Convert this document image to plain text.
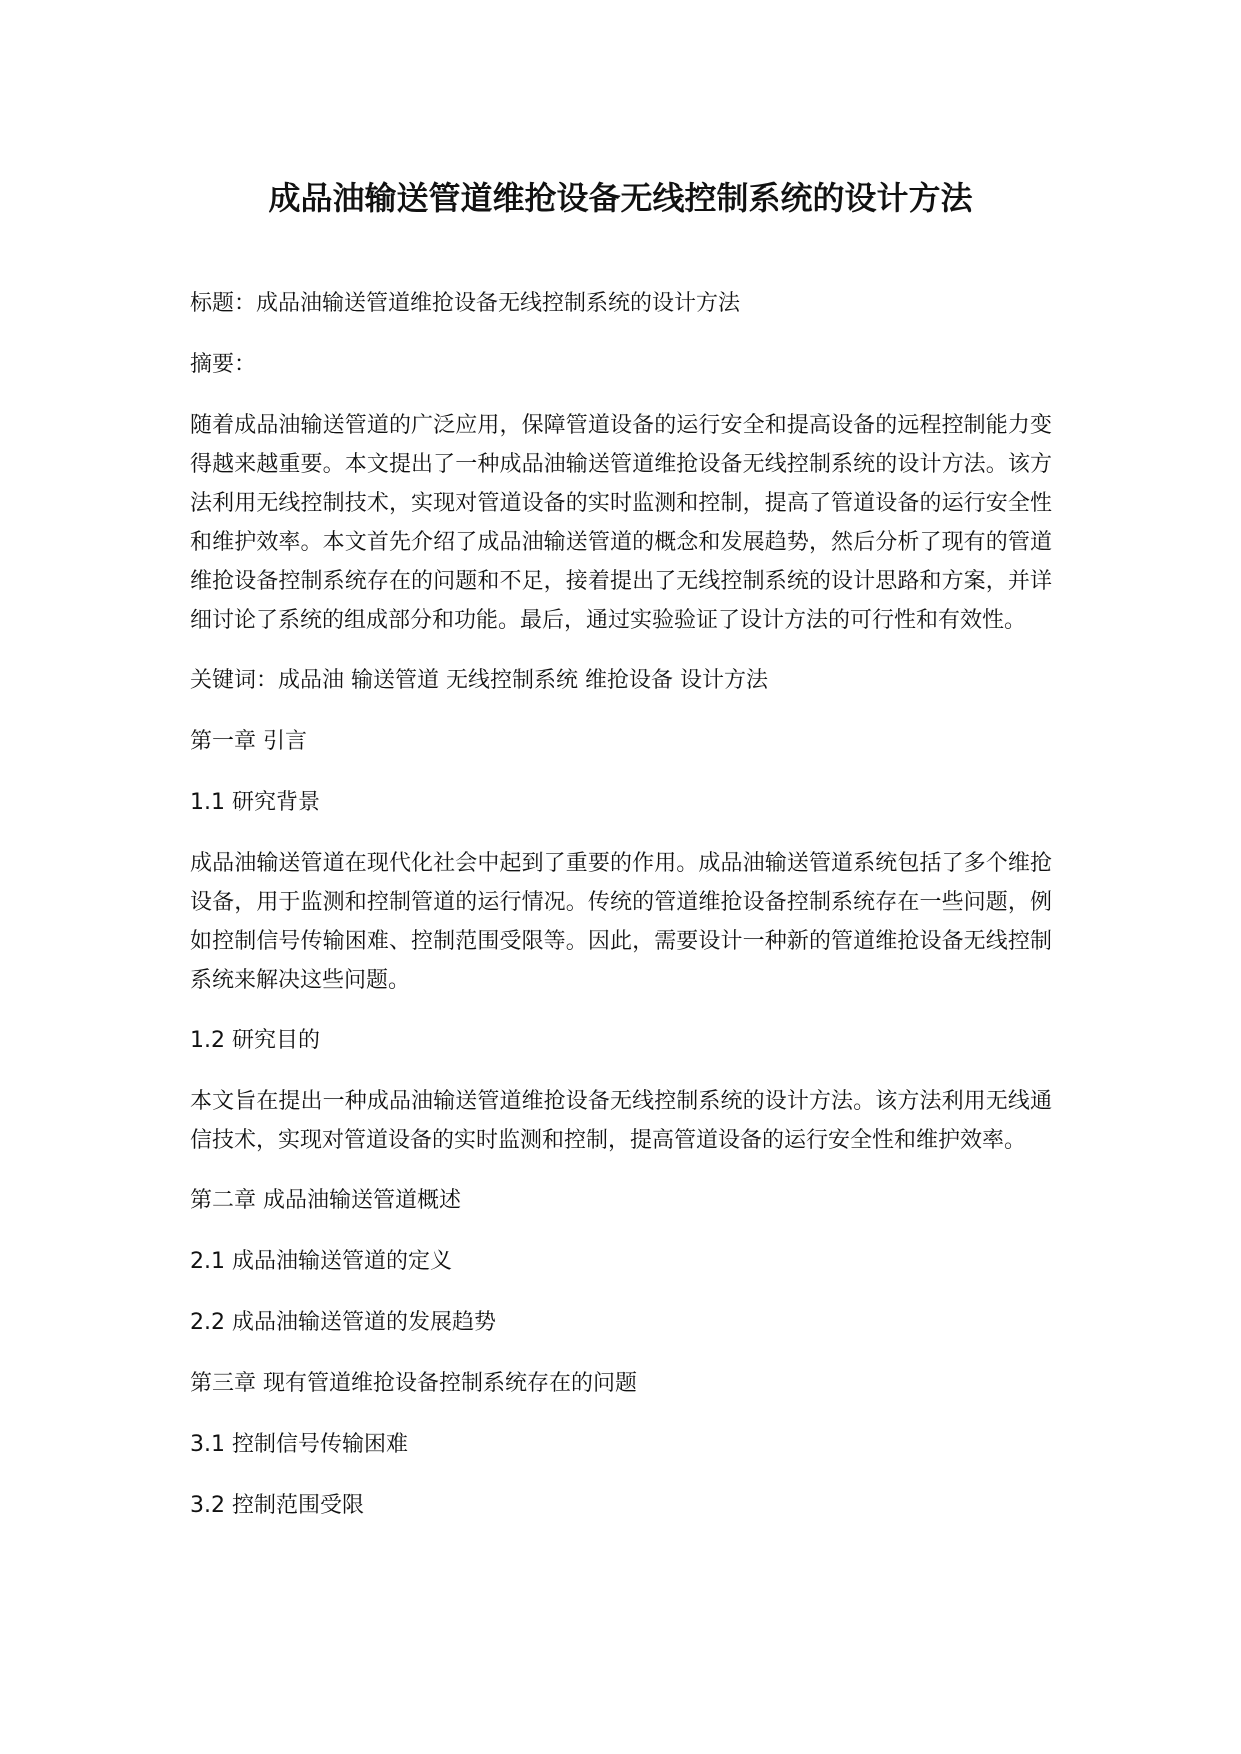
成品油输送管道维抢设备无线控制系统的设计方法

标题：成品油输送管道维抢设备无线控制系统的设计方法

摘要：

随着成品油输送管道的广泛应用，保障管道设备的运行安全和提高设备的远程控制能力变得越来越重要。本文提出了一种成品油输送管道维抢设备无线控制系统的设计方法。该方法利用无线控制技术，实现对管道设备的实时监测和控制，提高了管道设备的运行安全性和维护效率。本文首先介绍了成品油输送管道的概念和发展趋势，然后分析了现有的管道维抢设备控制系统存在的问题和不足，接着提出了无线控制系统的设计思路和方案，并详细讨论了系统的组成部分和功能。最后，通过实验验证了设计方法的可行性和有效性。

关键词：成品油 输送管道 无线控制系统 维抢设备 设计方法

第一章 引言

1.1 研究背景

成品油输送管道在现代化社会中起到了重要的作用。成品油输送管道系统包括了多个维抢设备，用于监测和控制管道的运行情况。传统的管道维抢设备控制系统存在一些问题，例如控制信号传输困难、控制范围受限等。因此，需要设计一种新的管道维抢设备无线控制系统来解决这些问题。

1.2 研究目的

本文旨在提出一种成品油输送管道维抢设备无线控制系统的设计方法。该方法利用无线通信技术，实现对管道设备的实时监测和控制，提高管道设备的运行安全性和维护效率。

第二章 成品油输送管道概述

2.1 成品油输送管道的定义

2.2 成品油输送管道的发展趋势

第三章 现有管道维抢设备控制系统存在的问题

3.1 控制信号传输困难

3.2 控制范围受限
